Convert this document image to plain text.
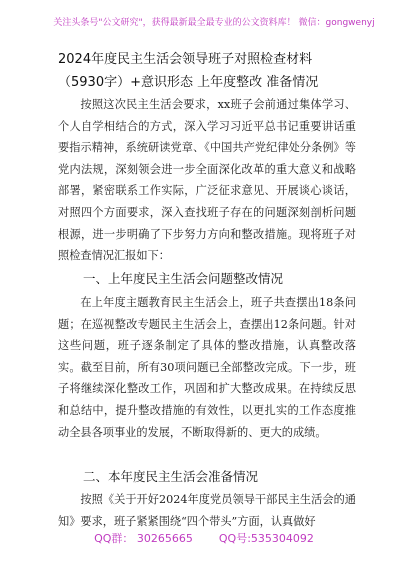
关注头条号"公文研究"，获得最新最全最专业的公文资料库！ 微信：gongwenyj
2024年度民主生活会领导班子对照检查材料（5930字）+意识形态 上年度整改 准备情况
按照这次民主生活会要求，xx班子会前通过集体学习、个人自学相结合的方式，深入学习习近平总书记重要讲话重要指示精神，系统研读党章、《中国共产党纪律处分条例》等党内法规，深刻领会进一步全面深化改革的重大意义和战略部署，紧密联系工作实际，广泛征求意见、开展谈心谈话，对照四个方面要求，深入查找班子存在的问题深刻剖析问题根源，进一步明确了下步努力方向和整改措施。现将班子对照检查情况汇报如下：
一、上年度民主生活会问题整改情况
在上年度主题教育民主生活会上，班子共查摆出18条问题；在巡视整改专题民主生活会上，查摆出12条问题。针对这些问题，班子逐条制定了具体的整改措施，认真整改落实。截至目前，所有30项问题已全部整改完成。下一步，班子将继续深化整改工作，巩固和扩大整改成果。在持续反思和总结中，提升整改措施的有效性，以更扎实的工作态度推动全县各项事业的发展，不断取得新的、更大的成绩。
二、本年度民主生活会准备情况
按照《关于开好2024年度党员领导干部民主生活会的通知》要求，班子紧紧围绕“四个带头”方面，认真做好
QQ群： 30265665 QQ号:535304092
